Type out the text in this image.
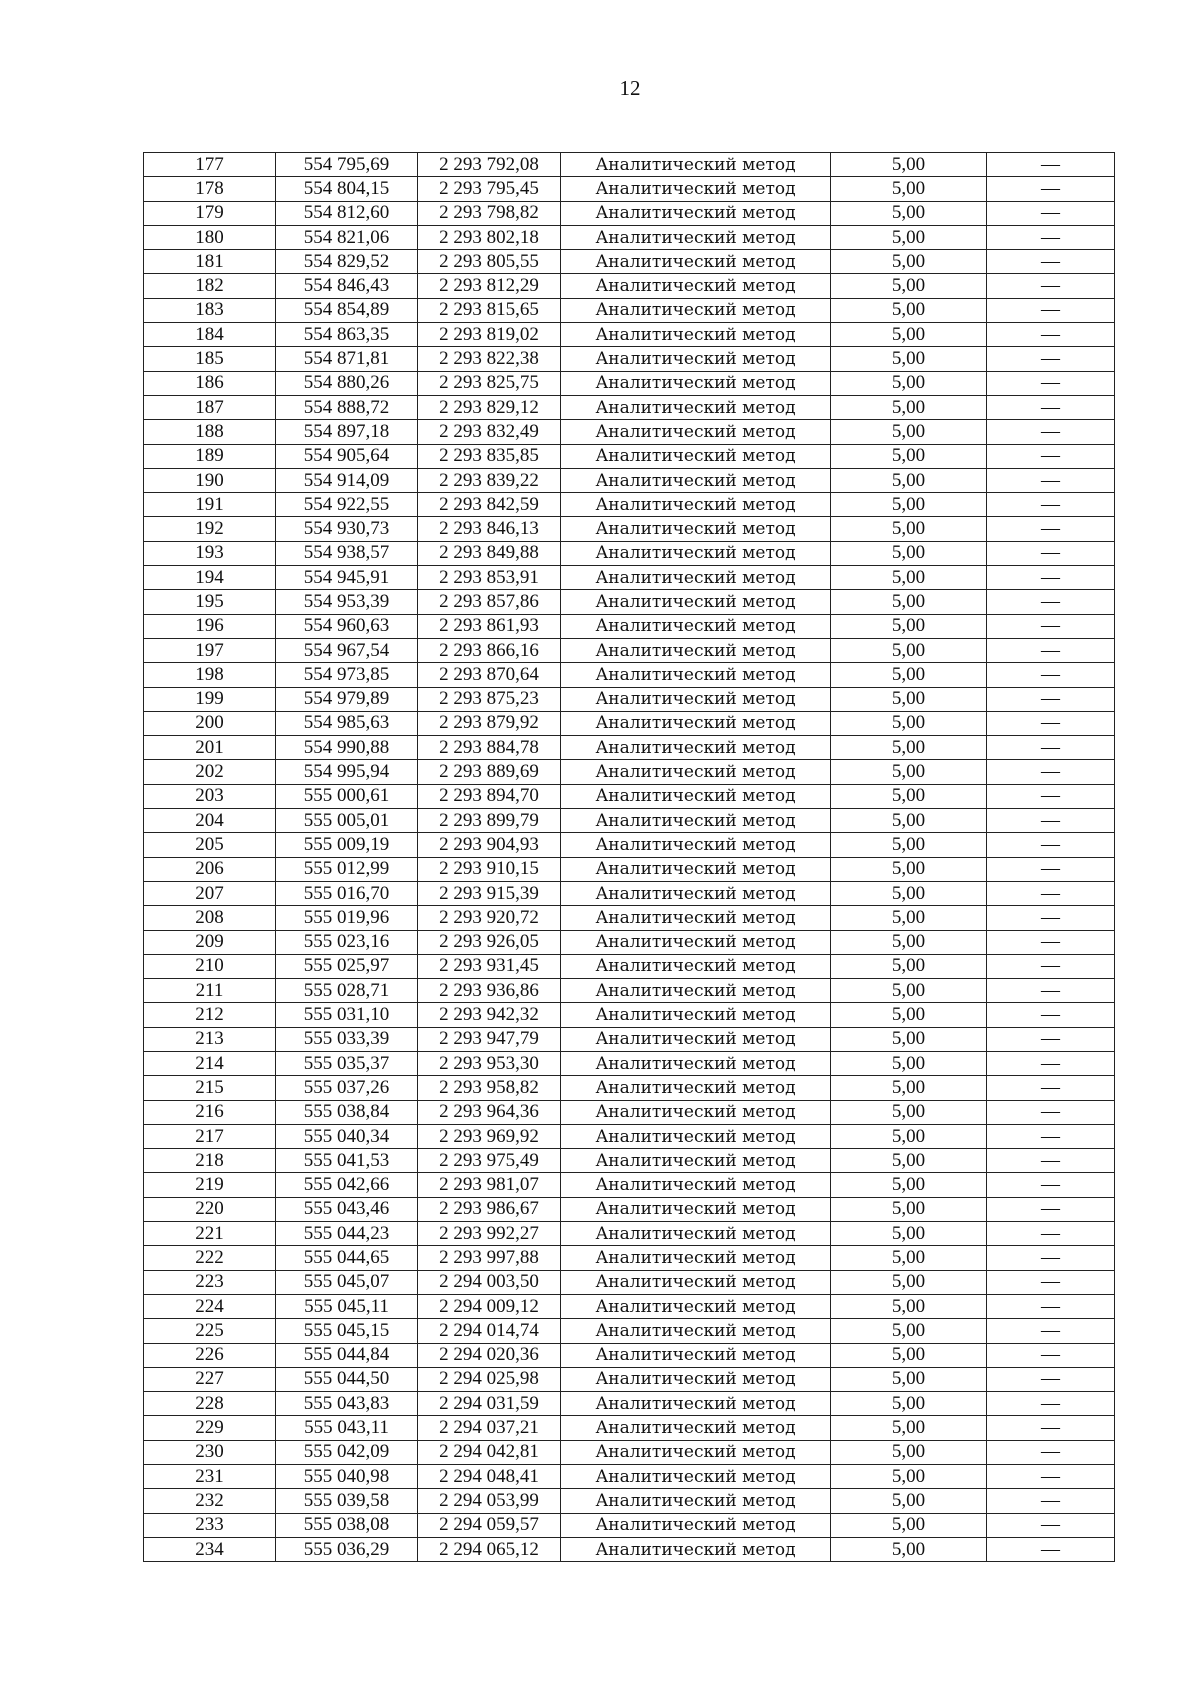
12
177	554 795,69	2 293 792,08	Аналитический метод	5,00	—
178	554 804,15	2 293 795,45	Аналитический метод	5,00	—
179	554 812,60	2 293 798,82	Аналитический метод	5,00	—
180	554 821,06	2 293 802,18	Аналитический метод	5,00	—
181	554 829,52	2 293 805,55	Аналитический метод	5,00	—
182	554 846,43	2 293 812,29	Аналитический метод	5,00	—
183	554 854,89	2 293 815,65	Аналитический метод	5,00	—
184	554 863,35	2 293 819,02	Аналитический метод	5,00	—
185	554 871,81	2 293 822,38	Аналитический метод	5,00	—
186	554 880,26	2 293 825,75	Аналитический метод	5,00	—
187	554 888,72	2 293 829,12	Аналитический метод	5,00	—
188	554 897,18	2 293 832,49	Аналитический метод	5,00	—
189	554 905,64	2 293 835,85	Аналитический метод	5,00	—
190	554 914,09	2 293 839,22	Аналитический метод	5,00	—
191	554 922,55	2 293 842,59	Аналитический метод	5,00	—
192	554 930,73	2 293 846,13	Аналитический метод	5,00	—
193	554 938,57	2 293 849,88	Аналитический метод	5,00	—
194	554 945,91	2 293 853,91	Аналитический метод	5,00	—
195	554 953,39	2 293 857,86	Аналитический метод	5,00	—
196	554 960,63	2 293 861,93	Аналитический метод	5,00	—
197	554 967,54	2 293 866,16	Аналитический метод	5,00	—
198	554 973,85	2 293 870,64	Аналитический метод	5,00	—
199	554 979,89	2 293 875,23	Аналитический метод	5,00	—
200	554 985,63	2 293 879,92	Аналитический метод	5,00	—
201	554 990,88	2 293 884,78	Аналитический метод	5,00	—
202	554 995,94	2 293 889,69	Аналитический метод	5,00	—
203	555 000,61	2 293 894,70	Аналитический метод	5,00	—
204	555 005,01	2 293 899,79	Аналитический метод	5,00	—
205	555 009,19	2 293 904,93	Аналитический метод	5,00	—
206	555 012,99	2 293 910,15	Аналитический метод	5,00	—
207	555 016,70	2 293 915,39	Аналитический метод	5,00	—
208	555 019,96	2 293 920,72	Аналитический метод	5,00	—
209	555 023,16	2 293 926,05	Аналитический метод	5,00	—
210	555 025,97	2 293 931,45	Аналитический метод	5,00	—
211	555 028,71	2 293 936,86	Аналитический метод	5,00	—
212	555 031,10	2 293 942,32	Аналитический метод	5,00	—
213	555 033,39	2 293 947,79	Аналитический метод	5,00	—
214	555 035,37	2 293 953,30	Аналитический метод	5,00	—
215	555 037,26	2 293 958,82	Аналитический метод	5,00	—
216	555 038,84	2 293 964,36	Аналитический метод	5,00	—
217	555 040,34	2 293 969,92	Аналитический метод	5,00	—
218	555 041,53	2 293 975,49	Аналитический метод	5,00	—
219	555 042,66	2 293 981,07	Аналитический метод	5,00	—
220	555 043,46	2 293 986,67	Аналитический метод	5,00	—
221	555 044,23	2 293 992,27	Аналитический метод	5,00	—
222	555 044,65	2 293 997,88	Аналитический метод	5,00	—
223	555 045,07	2 294 003,50	Аналитический метод	5,00	—
224	555 045,11	2 294 009,12	Аналитический метод	5,00	—
225	555 045,15	2 294 014,74	Аналитический метод	5,00	—
226	555 044,84	2 294 020,36	Аналитический метод	5,00	—
227	555 044,50	2 294 025,98	Аналитический метод	5,00	—
228	555 043,83	2 294 031,59	Аналитический метод	5,00	—
229	555 043,11	2 294 037,21	Аналитический метод	5,00	—
230	555 042,09	2 294 042,81	Аналитический метод	5,00	—
231	555 040,98	2 294 048,41	Аналитический метод	5,00	—
232	555 039,58	2 294 053,99	Аналитический метод	5,00	—
233	555 038,08	2 294 059,57	Аналитический метод	5,00	—
234	555 036,29	2 294 065,12	Аналитический метод	5,00	—
